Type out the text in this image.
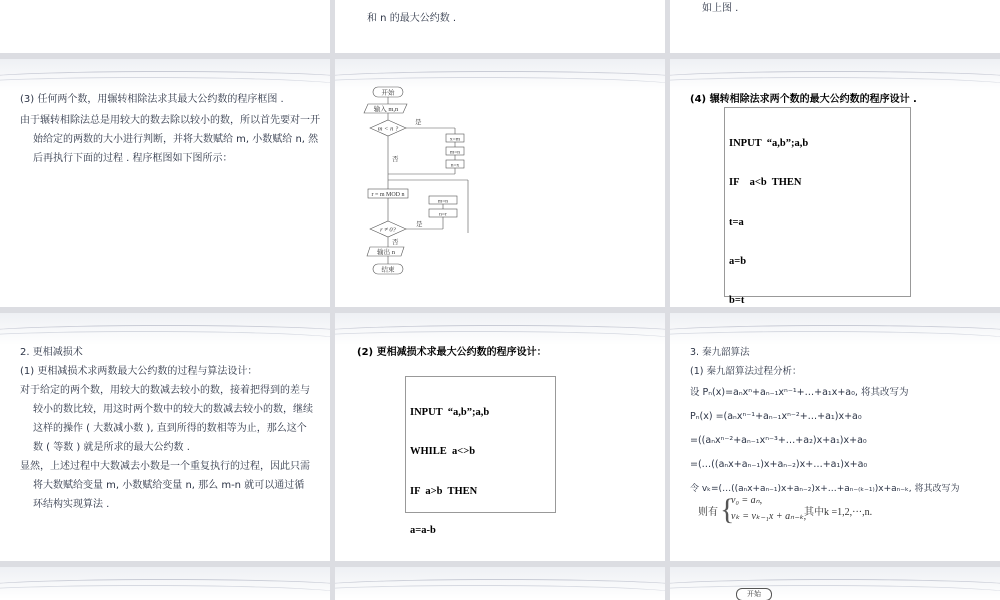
和 n 的最大公约数 .

如上图 .

(3) 任何两个数，用辗转相除法求其最大公约数的程序框图 .

由于辗转相除法总是用较大的数去除以较小的数，所以首先要对一开始给定的两数的大小进行判断，并将大数赋给 m, 小数赋给 n, 然后再执行下面的过程 . 程序框图如下图所示：

开始
输入 m,n
m < n ?
是
x=m
m=n
n=x
否
r = m MOD n
m=n
n=r
是
r ≠ 0?
否
输出 n
结束
(4) 辗转相除法求两个数的最大公约数的程序设计 .

INPUT  “a,b”;a,b

IF    a<b  THEN

t=a

a=b

b=t

2. 更相减损术

(1) 更相减损术求两数最大公约数的过程与算法设计：

对于给定的两个数，用较大的数减去较小的数，接着把得到的差与较小的数比较，用这时两个数中的较大的数减去较小的数，继续这样的操作 ( 大数减小数 ), 直到所得的数相等为止，那么这个数 ( 等数 ) 就是所求的最大公约数 .

显然，上述过程中大数减去小数是一个重复执行的过程，因此只需将大数赋给变量 m, 小数赋给变量 n, 那么 m-n 就可以通过循环结构实现算法 .

(2) 更相减损术求最大公约数的程序设计：

INPUT  “a,b”;a,b

WHILE  a<>b

IF  a>b  THEN

a=a-b

3. 秦九韶算法

(1) 秦九韶算法过程分析：

设 Pₙ(x)=aₙxⁿ+aₙ₋₁xⁿ⁻¹+…+a₁x+a₀, 将其改写为

Pₙ(x) =(aₙxⁿ⁻¹+aₙ₋₁xⁿ⁻²+…+a₁)x+a₀

=((aₙxⁿ⁻²+aₙ₋₁xⁿ⁻³+…+a₂)x+a₁)x+a₀

=(…((aₙx+aₙ₋₁)x+aₙ₋₂)x+…+a₁)x+a₀

令 vₖ=(…((aₙx+aₙ₋₁)x+aₙ₋₂)x+…+aₙ₋₍ₖ₋₁₎)x+aₙ₋ₖ, 将其改写为

则有 {
v₀ = aₙ,
vₖ = vₖ₋₁x + aₙ₋ₖ,
其中k =1,2,···,n.
开始
